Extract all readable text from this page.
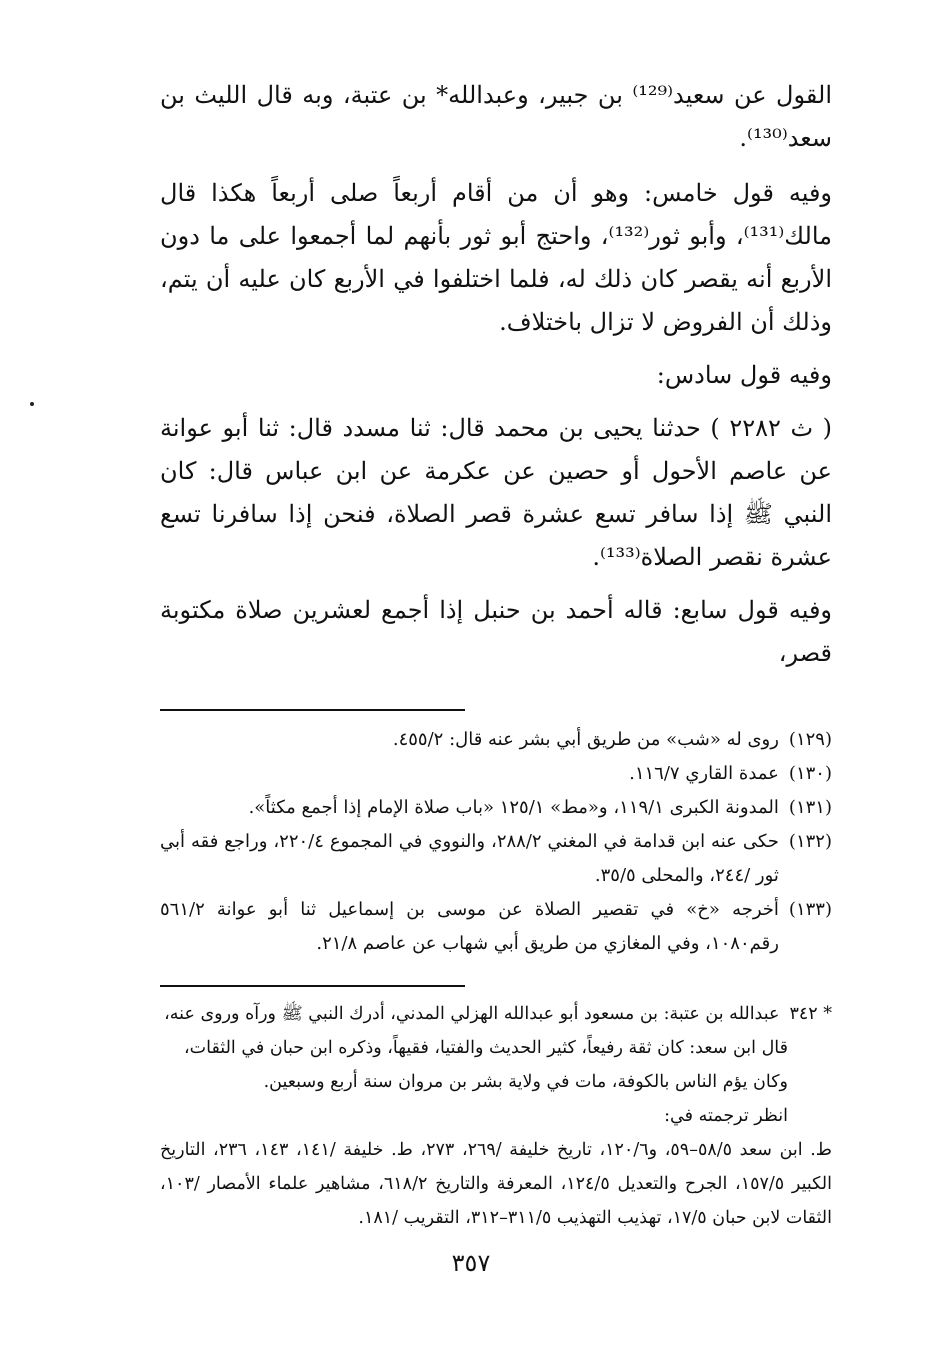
القول عن سعيد⁽¹²⁹⁾ بن جبير، وعبدالله* بن عتبة، وبه قال الليث بن سعد⁽¹³⁰⁾.

وفيه قول خامس: وهو أن من أقام أربعاً صلى أربعاً هكذا قال مالك⁽¹³¹⁾، وأبو ثور⁽¹³²⁾، واحتج أبو ثور بأنهم لما أجمعوا على ما دون الأربع أنه يقصر كان ذلك له، فلما اختلفوا في الأربع كان عليه أن يتم، وذلك أن الفروض لا تزال باختلاف.

وفيه قول سادس:

( ث ٢٢٨٢ ) حدثنا يحيى بن محمد قال: ثنا مسدد قال: ثنا أبو عوانة عن عاصم الأحول أو حصين عن عكرمة عن ابن عباس قال: كان النبي ﷺ إذا سافر تسع عشرة قصر الصلاة، فنحن إذا سافرنا تسع عشرة نقصر الصلاة⁽¹³³⁾.

وفيه قول سابع: قاله أحمد بن حنبل إذا أجمع لعشرين صلاة مكتوبة قصر،

(١٢٩)
روى له «شب» من طريق أبي بشر عنه قال: ٤٥٥/٢.
(١٣٠)
عمدة القاري ١١٦/٧.
(١٣١)
المدونة الكبرى ١١٩/١، و«مط» ١٢٥/١ «باب صلاة الإمام إذا أجمع مكثاً».
(١٣٢)
حكى عنه ابن قدامة في المغني ٢٨٨/٢، والنووي في المجموع ٢٢٠/٤، وراجع فقه أبي ثور /٢٤٤، والمحلى ٣٥/٥.
(١٣٣)
أخرجه «خ» في تقصير الصلاة عن موسى بن إسماعيل ثنا أبو عوانة ٥٦١/٢ رقم١٠٨٠، وفي المغازي من طريق أبي شهاب عن عاصم ٢١/٨.
* ٣٤٢
عبدالله بن عتبة: بن مسعود أبو عبدالله الهزلي المدني، أدرك النبي ﷺ ورآه وروى عنه،
قال ابن سعد: كان ثقة رفيعاً، كثير الحديث والفتيا، فقيهاً، وذكره ابن حبان في الثقات،
وكان يؤم الناس بالكوفة، مات في ولاية بشر بن مروان سنة أربع وسبعين.
انظر ترجمته في:
ط. ابن سعد ٥٨/٥–٥٩، و١٢٠/٦، تاريخ خليفة /٢٦٩، ٢٧٣، ط. خليفة /١٤١، ١٤٣، ٢٣٦، التاريخ الكبير ١٥٧/٥، الجرح والتعديل ١٢٤/٥، المعرفة والتاريخ ٦١٨/٢، مشاهير علماء الأمصار /١٠٣، الثقات لابن حبان ١٧/٥، تهذيب التهذيب ٣١١/٥–٣١٢، التقريب /١٨١.
٣٥٧
